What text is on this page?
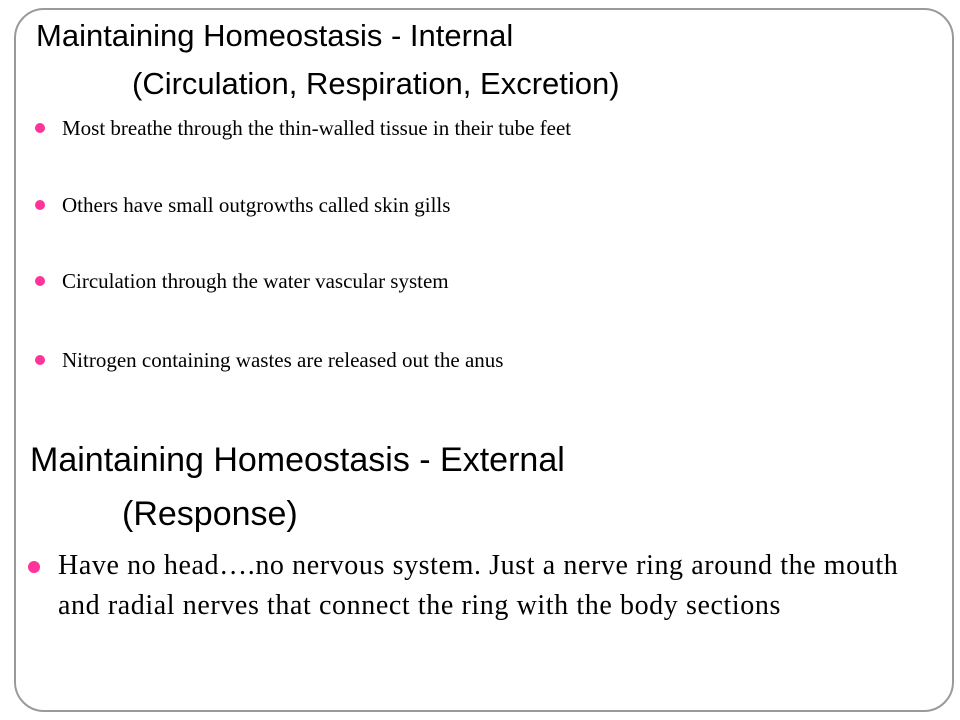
Maintaining Homeostasis - Internal
(Circulation, Respiration, Excretion)
Most breathe through the thin-walled tissue in their tube feet
Others have small outgrowths called skin gills
Circulation through the water vascular system
Nitrogen containing wastes are released out the anus
Maintaining Homeostasis - External
(Response)
Have no head….no nervous system. Just a nerve ring around the mouth and radial nerves that connect the ring with the body sections
